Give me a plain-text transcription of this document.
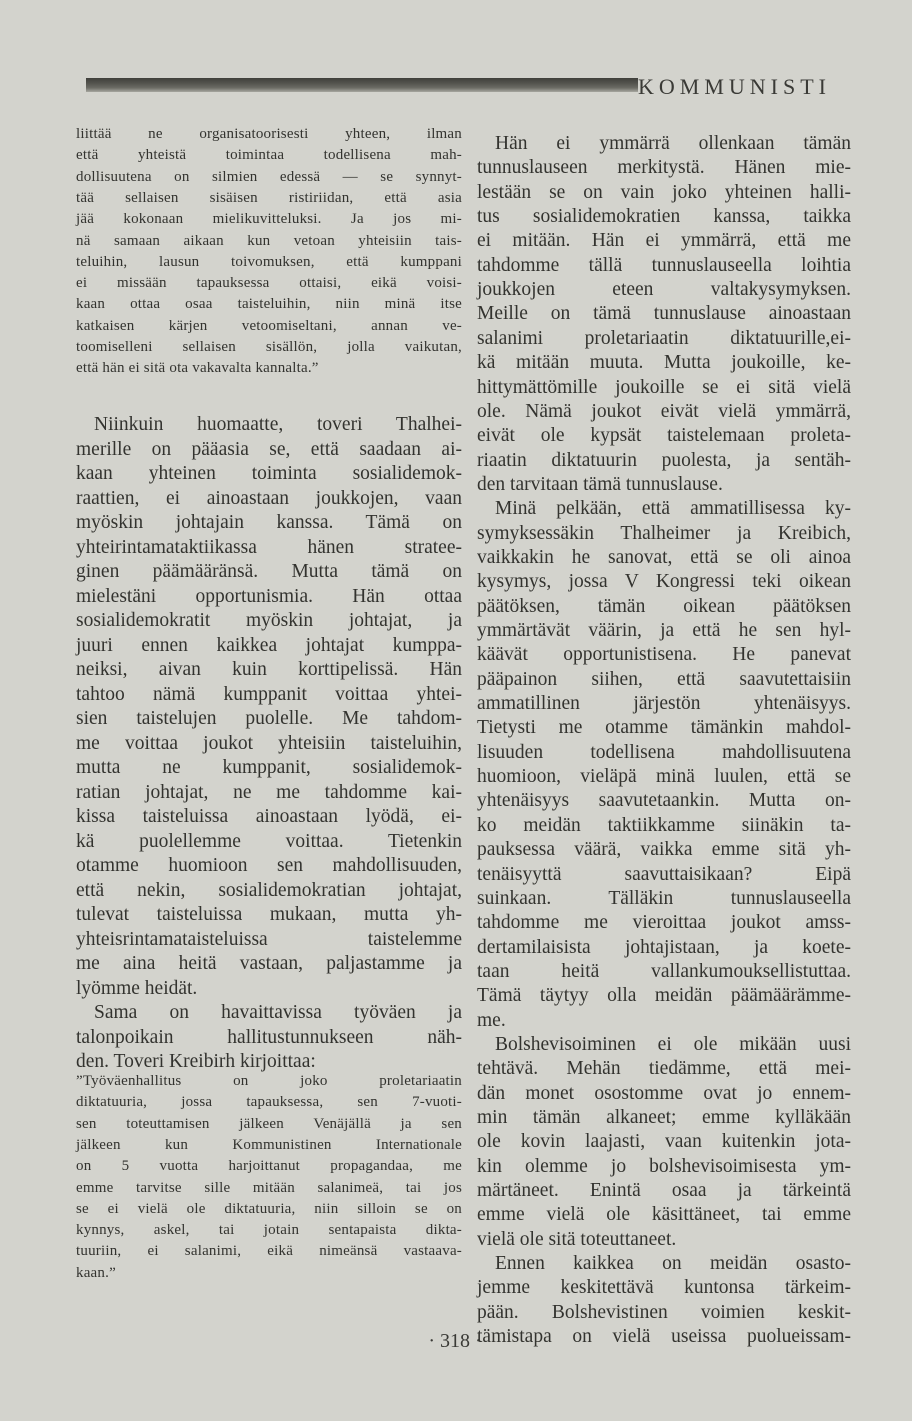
KOMMUNISTI
liittää ne organisatoorisesti yhteen, ilman
että yhteistä toimintaa todellisena mah-
dollisuutena on silmien edessä — se synnyt-
tää sellaisen sisäisen ristiriidan, että asia
jää kokonaan mielikuvitteluksi. Ja jos mi-
nä samaan aikaan kun vetoan yhteisiin tais-
teluihin, lausun toivomuksen, että kumppani
ei missään tapauksessa ottaisi, eikä voisi-
kaan ottaa osaa taisteluihin, niin minä itse
katkaisen kärjen vetoomiseltani, annan ve-
toomiselleni sellaisen sisällön, jolla vaikutan,
että hän ei sitä ota vakavalta kannalta.”
Niinkuin huomaatte, toveri Thalhei-
merille on pääasia se, että saadaan ai-
kaan yhteinen toiminta sosialidemok-
raattien, ei ainoastaan joukkojen, vaan
myöskin johtajain kanssa. Tämä on
yhteirintamataktiikassa hänen stratee-
ginen päämääränsä. Mutta tämä on
mielestäni opportunismia. Hän ottaa
sosialidemokratit myöskin johtajat, ja
juuri ennen kaikkea johtajat kumppa-
neiksi, aivan kuin korttipelissä. Hän
tahtoo nämä kumppanit voittaa yhtei-
sien taistelujen puolelle. Me tahdom-
me voittaa joukot yhteisiin taisteluihin,
mutta ne kumppanit, sosialidemok-
ratian johtajat, ne me tahdomme kai-
kissa taisteluissa ainoastaan lyödä, ei-
kä puolellemme voittaa. Tietenkin
otamme huomioon sen mahdollisuuden,
että nekin, sosialidemokratian johtajat,
tulevat taisteluissa mukaan, mutta yh-
yhteisrintamataisteluissa taistelemme
me aina heitä vastaan, paljastamme ja
lyömme heidät.
Sama on havaittavissa työväen ja
talonpoikain hallitustunnukseen näh-
den. Toveri Kreibirh kirjoittaa:
”Työväenhallitus on joko proletariaatin
diktatuuria, jossa tapauksessa, sen 7-vuoti-
sen toteuttamisen jälkeen Venäjällä ja sen
jälkeen kun Kommunistinen Internationale
on 5 vuotta harjoittanut propagandaa, me
emme tarvitse sille mitään salanimeä, tai jos
se ei vielä ole diktatuuria, niin silloin se on
kynnys, askel, tai jotain sentapaista dikta-
tuuriin, ei salanimi, eikä nimeänsä vastaava-
kaan.”
Hän ei ymmärrä ollenkaan tämän
tunnuslauseen merkitystä. Hänen mie-
lestään se on vain joko yhteinen halli-
tus sosialidemokratien kanssa, taikka
ei mitään. Hän ei ymmärrä, että me
tahdomme tällä tunnuslauseella loihtia
joukkojen eteen valtakysymyksen.
Meille on tämä tunnuslause ainoastaan
salanimi proletariaatin diktatuurille,ei-
kä mitään muuta. Mutta joukoille, ke-
hittymättömille joukoille se ei sitä vielä
ole. Nämä joukot eivät vielä ymmärrä,
eivät ole kypsät taistelemaan proleta-
riaatin diktatuurin puolesta, ja sentäh-
den tarvitaan tämä tunnuslause.
Minä pelkään, että ammatillisessa ky-
symyksessäkin Thalheimer ja Kreibich,
vaikkakin he sanovat, että se oli ainoa
kysymys, jossa V Kongressi teki oikean
päätöksen, tämän oikean päätöksen
ymmärtävät väärin, ja että he sen hyl-
käävät opportunistisena. He panevat
pääpainon siihen, että saavutettaisiin
ammatillinen järjestön yhtenäisyys.
Tietysti me otamme tämänkin mahdol-
lisuuden todellisena mahdollisuutena
huomioon, vieläpä minä luulen, että se
yhtenäisyys saavutetaankin. Mutta on-
ko meidän taktiikkamme siinäkin ta-
pauksessa väärä, vaikka emme sitä yh-
tenäisyyttä saavuttaisikaan? Eipä
suinkaan. Tälläkin tunnuslauseella
tahdomme me vieroittaa joukot amss-
dertamilaisista johtajistaan, ja koete-
taan heitä vallankumouksellistuttaa.
Tämä täytyy olla meidän päämäärämme-
me.
Bolshevisoiminen ei ole mikään uusi
tehtävä. Mehän tiedämme, että mei-
dän monet osostomme ovat jo ennem-
min tämän alkaneet; emme kylläkään
ole kovin laajasti, vaan kuitenkin jota-
kin olemme jo bolshevisoimisesta ym-
märtäneet. Enintä osaa ja tärkeintä
emme vielä ole käsittäneet, tai emme
vielä ole sitä toteuttaneet.
Ennen kaikkea on meidän osasto-
jemme keskitettävä kuntonsa tärkeim-
pään. Bolshevistinen voimien keskit-
tämistapa on vielä useissa puolueissam-
· 318 ·
